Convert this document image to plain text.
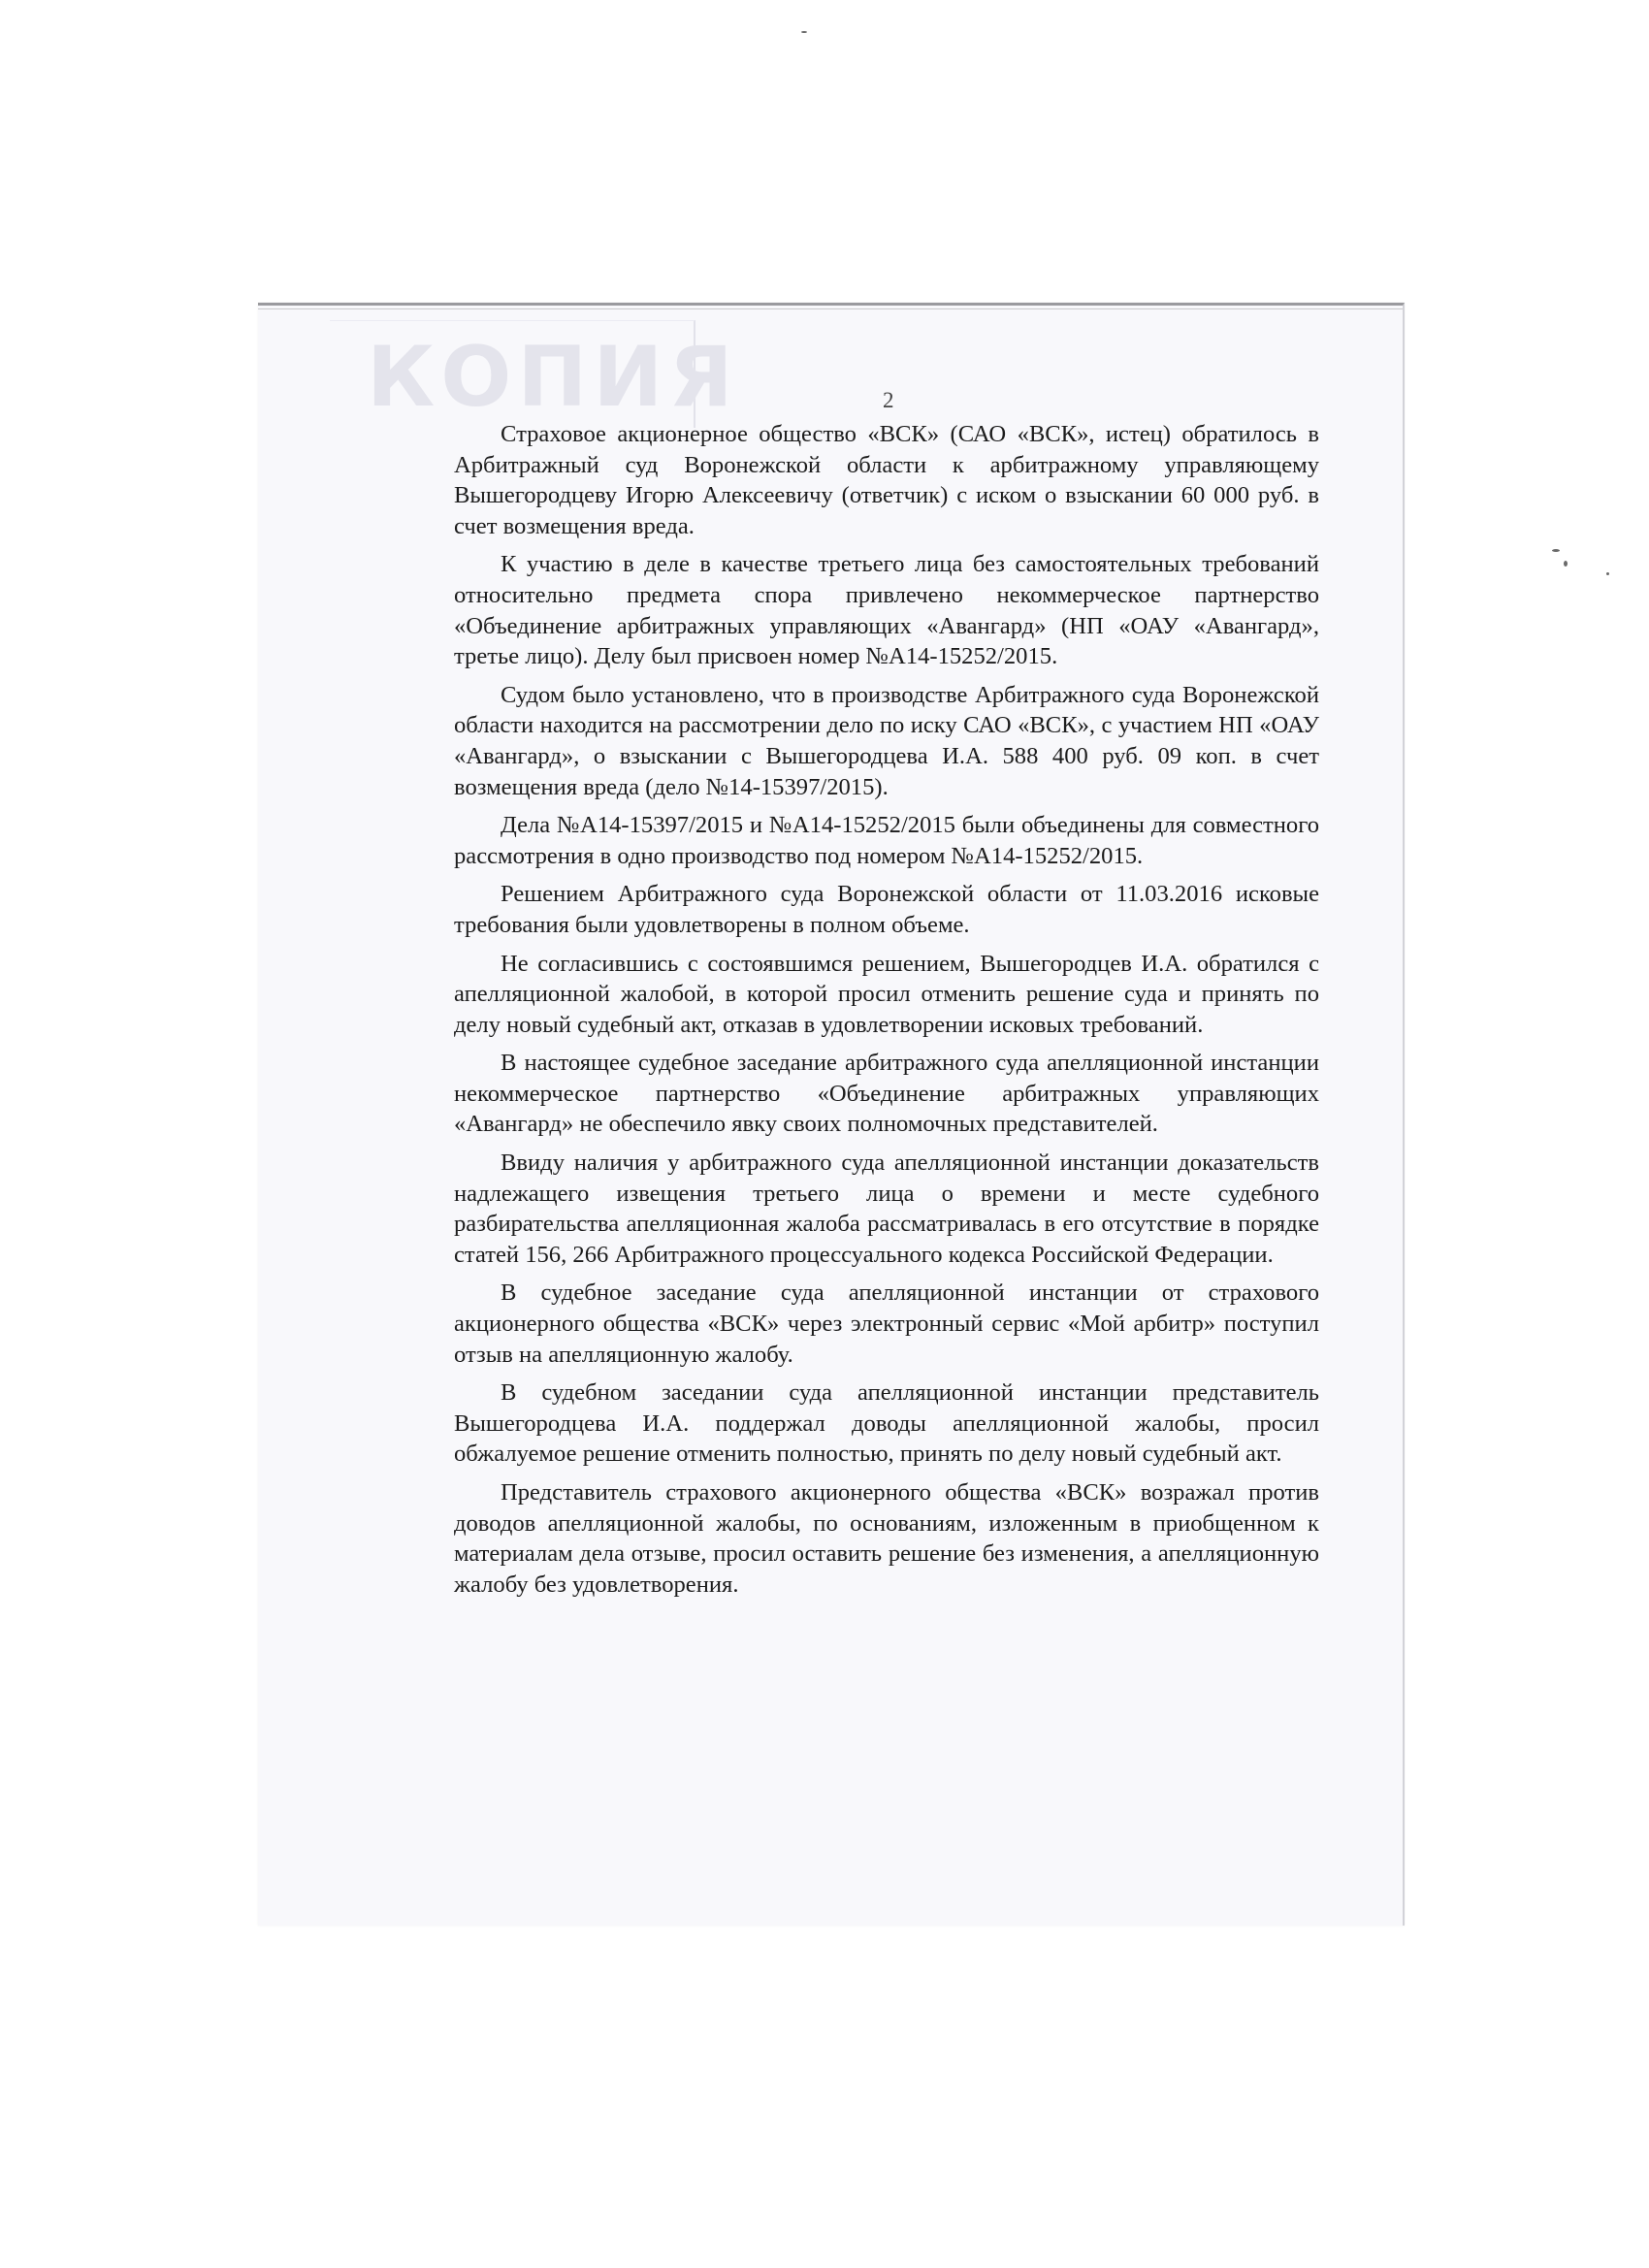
КОПИЯ	2

Страховое акционерное общество «ВСК» (САО «ВСК», истец) обратилось в Арбитражный суд Воронежской области к арбитражному управляющему Вышегородцеву Игорю Алексеевичу (ответчик) с иском о взыскании 60 000 руб. в счет возмещения вреда.

К участию в деле в качестве третьего лица без самостоятельных требований относительно предмета спора привлечено некоммерческое партнерство «Объединение арбитражных управляющих «Авангард» (НП «ОАУ «Авангард», третье лицо). Делу был присвоен номер №А14-15252/2015.

Судом было установлено, что в производстве Арбитражного суда Воронежской области находится на рассмотрении дело по иску САО «ВСК», с участием НП «ОАУ «Авангард», о взыскании с Вышегородцева И.А. 588 400 руб. 09 коп. в счет возмещения вреда (дело №14-15397/2015).

Дела №А14-15397/2015 и №А14-15252/2015 были объединены для совместного рассмотрения в одно производство под номером №А14-15252/2015.

Решением Арбитражного суда Воронежской области от 11.03.2016 исковые требования были удовлетворены в полном объеме.

Не согласившись с состоявшимся решением, Вышегородцев И.А. обратился с апелляционной жалобой, в которой просил отменить решение суда и принять по делу новый судебный акт, отказав в удовлетворении исковых требований.

В настоящее судебное заседание арбитражного суда апелляционной инстанции некоммерческое партнерство «Объединение арбитражных управляющих «Авангард» не обеспечило явку своих полномочных представителей.

Ввиду наличия у арбитражного суда апелляционной инстанции доказательств надлежащего извещения третьего лица о времени и месте судебного разбирательства апелляционная жалоба рассматривалась в его отсутствие в порядке статей 156, 266 Арбитражного процессуального кодекса Российской Федерации.

В судебное заседание суда апелляционной инстанции от страхового акционерного общества «ВСК» через электронный сервис «Мой арбитр» поступил отзыв на апелляционную жалобу.

В судебном заседании суда апелляционной инстанции представитель Вышегородцева И.А. поддержал доводы апелляционной жалобы, просил обжалуемое решение отменить полностью, принять по делу новый судебный акт.

Представитель страхового акционерного общества «ВСК» возражал против доводов апелляционной жалобы, по основаниям, изложенным в приобщенном к материалам дела отзыве, просил оставить решение без изменения, а апелляционную жалобу без удовлетворения.
